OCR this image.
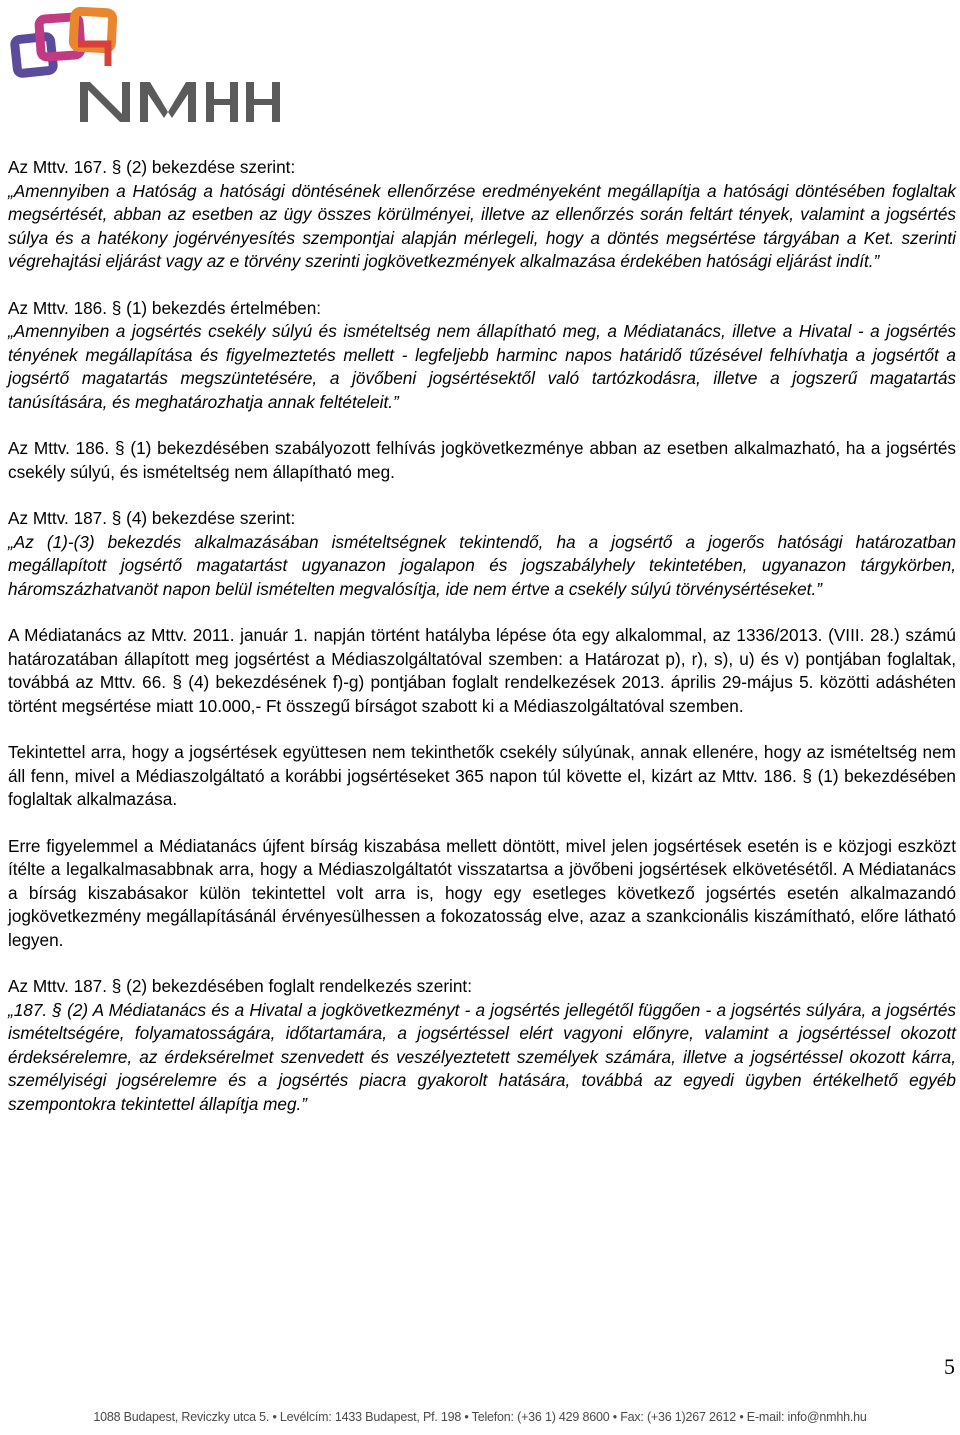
NMHH
Az Mttv. 167. § (2) bekezdése szerint:
„Amennyiben a Hatóság a hatósági döntésének ellenőrzése eredményeként megállapítja a hatósági döntésében foglaltak megsértését, abban az esetben az ügy összes körülményei, illetve az ellenőrzés során feltárt tények, valamint a jogsértés súlya és a hatékony jogérvényesítés szempontjai alapján mérlegeli, hogy a döntés megsértése tárgyában a Ket. szerinti végrehajtási eljárást vagy az e törvény szerinti jogkövetkezmények alkalmazása érdekében hatósági eljárást indít.”
Az Mttv. 186. § (1) bekezdés értelmében:
„Amennyiben a jogsértés csekély súlyú és ismételtség nem állapítható meg, a Médiatanács, illetve a Hivatal - a jogsértés tényének megállapítása és figyelmeztetés mellett - legfeljebb harminc napos határidő tűzésével felhívhatja a jogsértőt a jogsértő magatartás megszüntetésére, a jövőbeni jogsértésektől való tartózkodásra, illetve a jogszerű magatartás tanúsítására, és meghatározhatja annak feltételeit.”
Az Mttv. 186. § (1) bekezdésében szabályozott felhívás jogkövetkezménye abban az esetben alkalmazható, ha a jogsértés csekély súlyú, és ismételtség nem állapítható meg.
Az Mttv. 187. § (4) bekezdése szerint:
„Az (1)-(3) bekezdés alkalmazásában ismételtségnek tekintendő, ha a jogsértő a jogerős hatósági határozatban megállapított jogsértő magatartást ugyanazon jogalapon és jogszabályhely tekintetében, ugyanazon tárgykörben, háromszázhatvanöt napon belül ismételten megvalósítja, ide nem értve a csekély súlyú törvénysértéseket.”
A Médiatanács az Mttv. 2011. január 1. napján történt hatályba lépése óta egy alkalommal, az 1336/2013. (VIII. 28.) számú határozatában állapított meg jogsértést a Médiaszolgáltatóval szemben: a Határozat p), r), s), u) és v) pontjában foglaltak, továbbá az Mttv. 66. § (4) bekezdésének f)-g) pontjában foglalt rendelkezések 2013. április 29-május 5. közötti adáshéten történt megsértése miatt 10.000,- Ft összegű bírságot szabott ki a Médiaszolgáltatóval szemben.
Tekintettel arra, hogy a jogsértések együttesen nem tekinthetők csekély súlyúnak, annak ellenére, hogy az ismételtség nem áll fenn, mivel a Médiaszolgáltató a korábbi jogsértéseket 365 napon túl követte el, kizárt az Mttv. 186. § (1) bekezdésében foglaltak alkalmazása.
Erre figyelemmel a Médiatanács újfent bírság kiszabása mellett döntött, mivel jelen jogsértések esetén is e közjogi eszközt ítélte a legalkalmasabbnak arra, hogy a Médiaszolgáltatót visszatartsa a jövőbeni jogsértések elkövetésétől. A Médiatanács a bírság kiszabásakor külön tekintettel volt arra is, hogy egy esetleges következő jogsértés esetén alkalmazandó jogkövetkezmény megállapításánál érvényesülhessen a fokozatosság elve, azaz a szankcionális kiszámítható, előre látható legyen.
Az Mttv. 187. § (2) bekezdésében foglalt rendelkezés szerint:
„187. § (2) A Médiatanács és a Hivatal a jogkövetkezményt - a jogsértés jellegétől függően - a jogsértés súlyára, a jogsértés ismételtségére, folyamatosságára, időtartamára, a jogsértéssel elért vagyoni előnyre, valamint a jogsértéssel okozott érdeksérelemre, az érdeksérelmet szenvedett és veszélyeztetett személyek számára, illetve a jogsértéssel okozott kárra, személyiségi jogsérelemre és a jogsértés piacra gyakorolt hatására, továbbá az egyedi ügyben értékelhető egyéb szempontokra tekintettel állapítja meg.”
5
1088 Budapest, Reviczky utca 5. • Levélcím: 1433 Budapest, Pf. 198 • Telefon: (+36 1) 429 8600 • Fax: (+36 1)267 2612 • E-mail: info@nmhh.hu
